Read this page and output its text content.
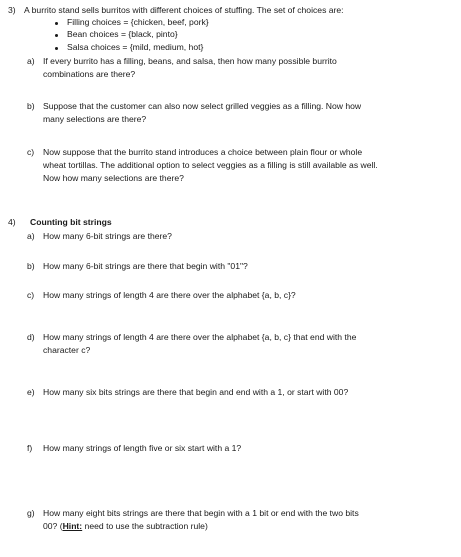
3) A burrito stand sells burritos with different choices of stuffing. The set of choices are:
Filling choices = {chicken, beef, pork}
Bean choices = {black, pinto}
Salsa choices = {mild, medium, hot}
a) If every burrito has a filling, beans, and salsa, then how many possible burrito
combinations are there?
b) Suppose that the customer can also now select grilled veggies as a filling. Now how
many selections are there?
c) Now suppose that the burrito stand introduces a choice between plain flour or whole
wheat tortillas. The additional option to select veggies as a filling is still available as well.
Now how many selections are there?
4) Counting bit strings
a) How many 6-bit strings are there?
b) How many 6-bit strings are there that begin with "01"?
c) How many strings of length 4 are there over the alphabet {a, b, c}?
d) How many strings of length 4 are there over the alphabet {a, b, c} that end with the
character c?
e) How many six bits strings are there that begin and end with a 1, or start with 00?
f) How many strings of length five or six start with a 1?
g) How many eight bits strings are there that begin with a 1 bit or end with the two bits
00? (Hint: need to use the subtraction rule)
